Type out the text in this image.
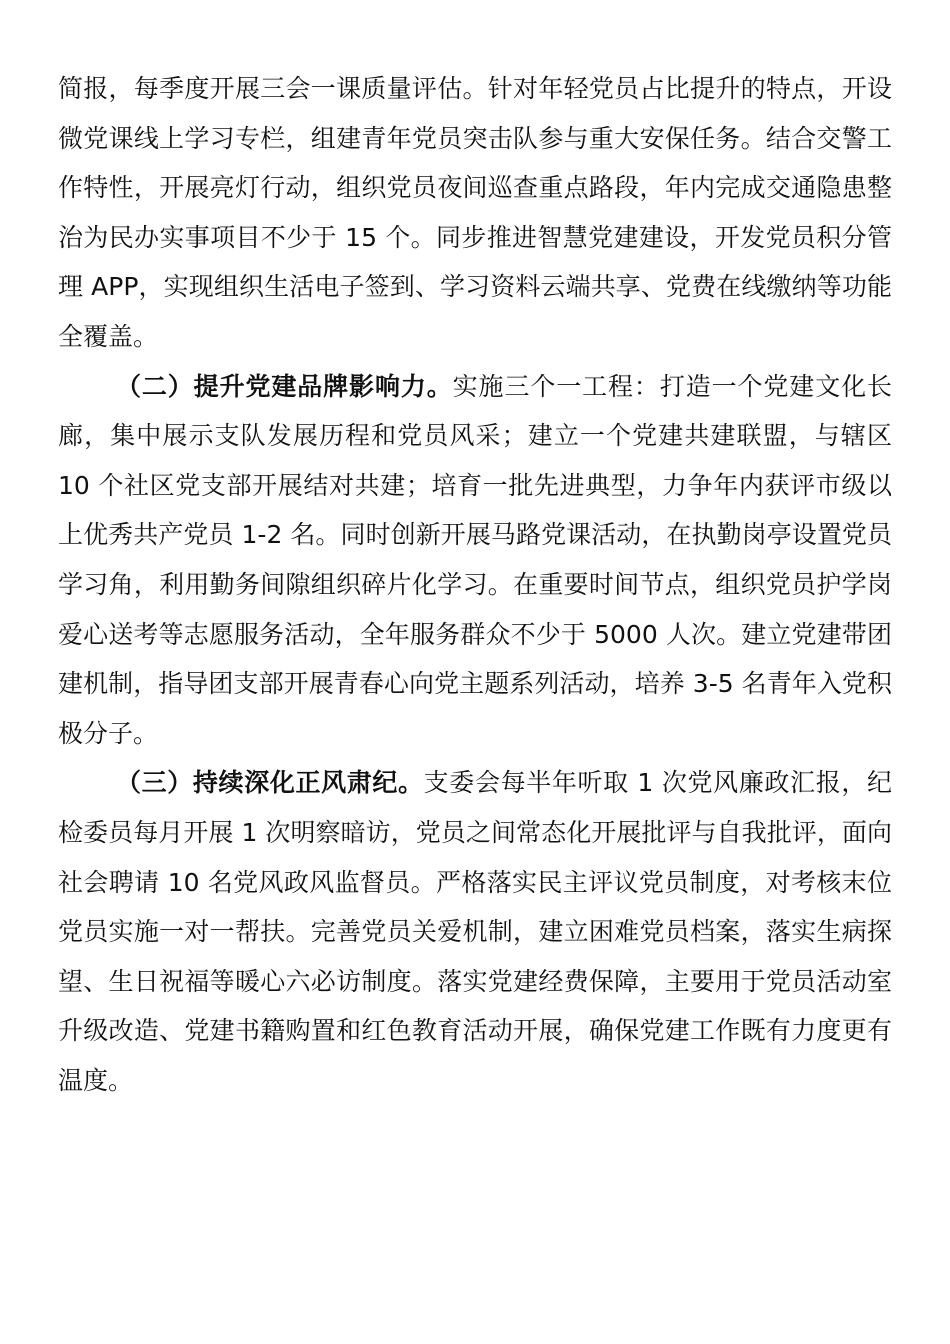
简报，每季度开展三会一课质量评估。针对年轻党员占比提升的特点，开设微党课线上学习专栏，组建青年党员突击队参与重大安保任务。结合交警工作特性，开展亮灯行动，组织党员夜间巡查重点路段，年内完成交通隐患整治为民办实事项目不少于 15 个。同步推进智慧党建建设，开发党员积分管理 APP，实现组织生活电子签到、学习资料云端共享、党费在线缴纳等功能全覆盖。

（二）提升党建品牌影响力。实施三个一工程：打造一个党建文化长廊，集中展示支队发展历程和党员风采；建立一个党建共建联盟，与辖区 10 个社区党支部开展结对共建；培育一批先进典型，力争年内获评市级以上优秀共产党员 1-2 名。同时创新开展马路党课活动，在执勤岗亭设置党员学习角，利用勤务间隙组织碎片化学习。在重要时间节点，组织党员护学岗爱心送考等志愿服务活动，全年服务群众不少于 5000 人次。建立党建带团建机制，指导团支部开展青春心向党主题系列活动，培养 3-5 名青年入党积极分子。

（三）持续深化正风肃纪。支委会每半年听取 1 次党风廉政汇报，纪检委员每月开展 1 次明察暗访，党员之间常态化开展批评与自我批评，面向社会聘请 10 名党风政风监督员。严格落实民主评议党员制度，对考核末位党员实施一对一帮扶。完善党员关爱机制，建立困难党员档案，落实生病探望、生日祝福等暖心六必访制度。落实党建经费保障，主要用于党员活动室升级改造、党建书籍购置和红色教育活动开展，确保党建工作既有力度更有温度。
